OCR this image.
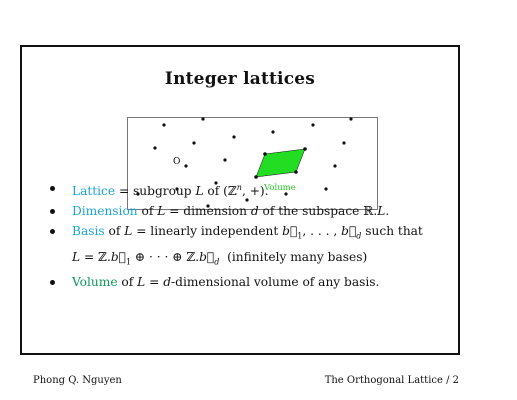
Integer lattices
O
Volume
Lattice = subgroup L of (ℤ$^n$, +).
Dimension of L = dimension d of the subspace ℝ.L.
Basis of L = linearly independent $b⃗_1$, . . . , $b⃗_d$ such that
$L = ℤ.b⃗_1$ ⊕ · · · ⊕ $ℤ.b⃗_d$  (infinitely many bases)
Volume of L = d-dimensional volume of any basis.
Phong Q. Nguyen	The Orthogonal Lattice / 2
